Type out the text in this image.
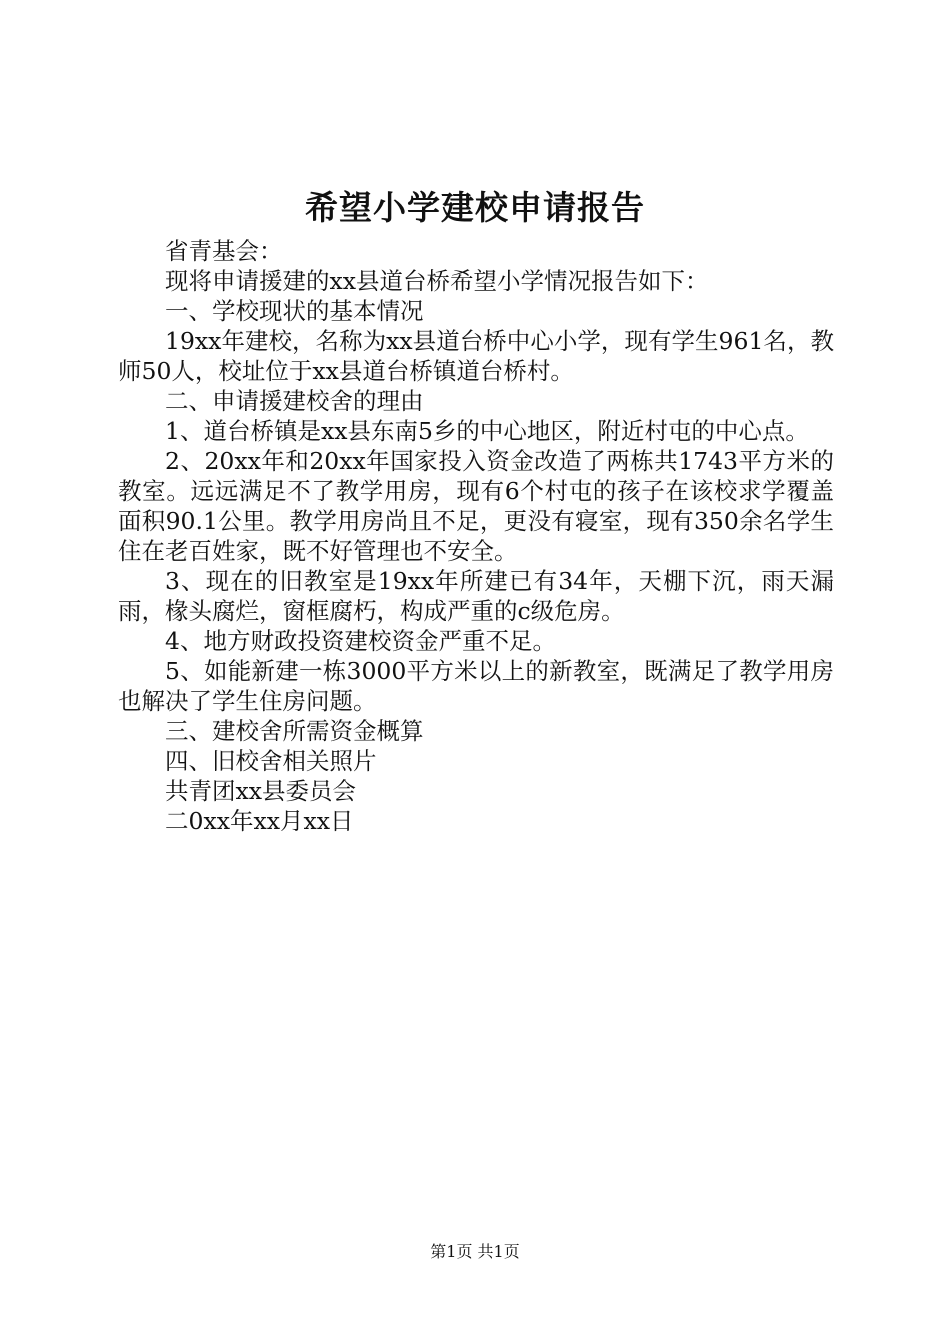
希望小学建校申请报告

省青基会：

现将申请援建的xx县道台桥希望小学情况报告如下：

一、学校现状的基本情况

19xx年建校，名称为xx县道台桥中心小学，现有学生961名，教师50人，校址位于xx县道台桥镇道台桥村。

二、申请援建校舍的理由

1、道台桥镇是xx县东南5乡的中心地区，附近村屯的中心点。

2、20xx年和20xx年国家投入资金改造了两栋共1743平方米的教室。远远满足不了教学用房，现有6个村屯的孩子在该校求学覆盖面积90.1公里。教学用房尚且不足，更没有寝室，现有350余名学生住在老百姓家，既不好管理也不安全。

3、现在的旧教室是19xx年所建已有34年，天棚下沉，雨天漏雨，椽头腐烂，窗框腐朽，构成严重的c级危房。

4、地方财政投资建校资金严重不足。

5、如能新建一栋3000平方米以上的新教室，既满足了教学用房也解决了学生住房问题。

三、建校舍所需资金概算

四、旧校舍相关照片

共青团xx县委员会

二0xx年xx月xx日

第1页 共1页
